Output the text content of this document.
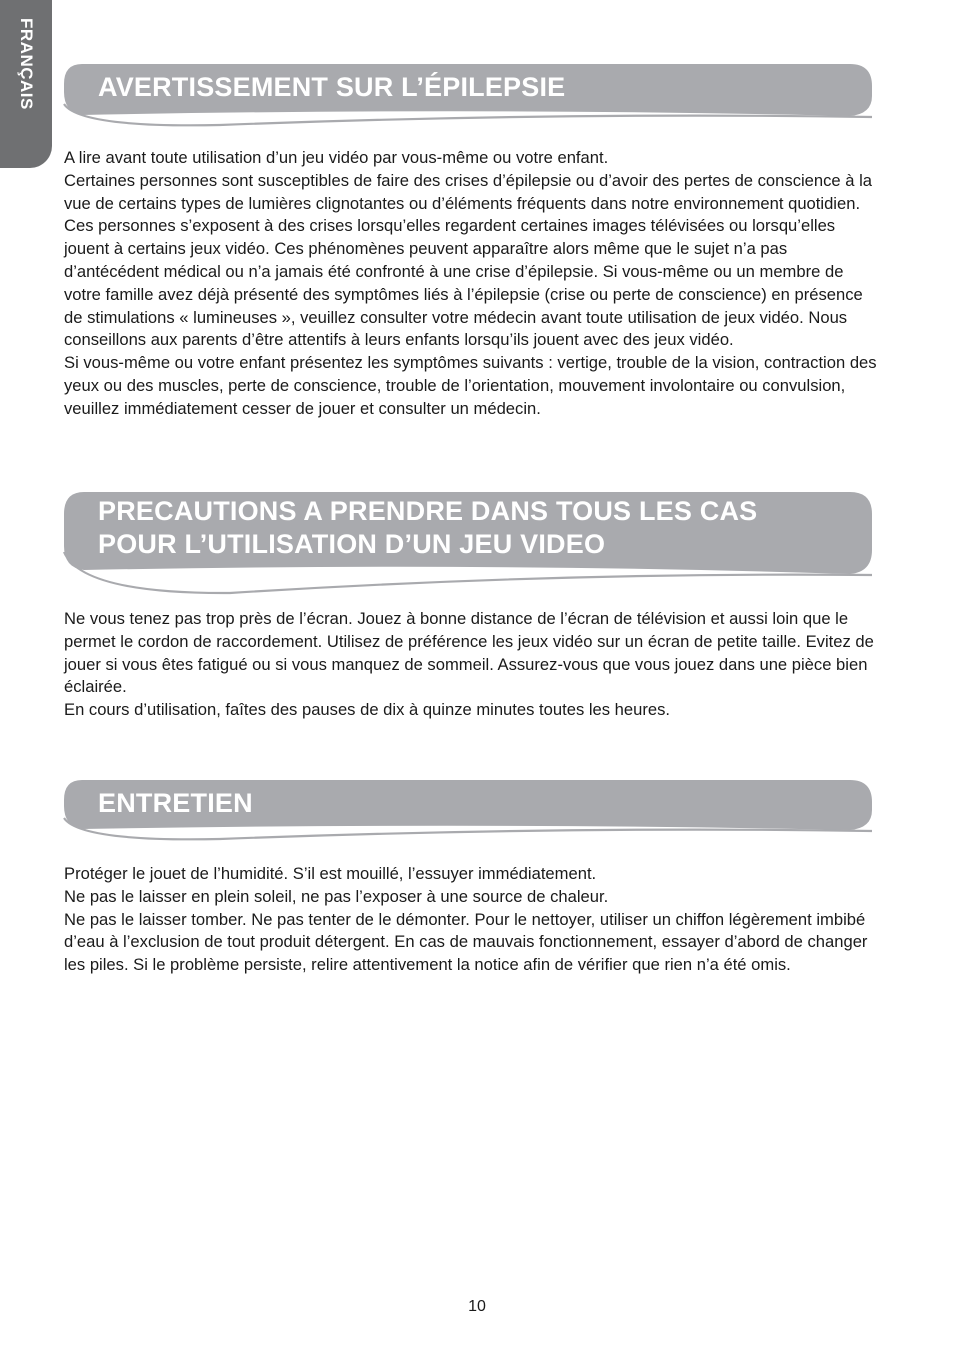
FRANÇAIS AVERTISSEMENT SUR L’ÉPILEPSIE

A lire avant toute utilisation d’un jeu vidéo par vous-même ou votre enfant.

Certaines personnes sont susceptibles de faire des crises d’épilepsie ou d’avoir des pertes de conscience à la vue de certains types de lumières clignotantes ou d’éléments fréquents dans notre environnement quotidien. Ces personnes s’exposent à des crises lorsqu’elles regardent certaines images télévisées ou lorsqu’elles jouent à certains jeux vidéo. Ces phénomènes peuvent apparaître alors même que le sujet n’a pas d’antécédent médical ou n’a jamais été confronté à une crise d’épilepsie. Si vous-même ou un membre de votre famille avez déjà présenté des symptômes liés à l’épilepsie (crise ou perte de conscience) en présence de stimulations « lumineuses », veuillez consulter votre médecin avant toute utilisation de jeux vidéo. Nous conseillons aux parents d’être attentifs à leurs enfants lorsqu’ils jouent avec des jeux vidéo.

Si vous-même ou votre enfant présentez les symptômes suivants : vertige, trouble de la vision, contraction des yeux ou des muscles, perte de conscience, trouble de l’orientation, mouvement involontaire ou convulsion, veuillez immédiatement cesser de jouer et consulter un médecin.

PRECAUTIONS A PRENDRE DANS TOUS LES CAS
POUR L’UTILISATION D’UN JEU VIDEO

Ne vous tenez pas trop près de l’écran. Jouez à bonne distance de l’écran de télévision et aussi loin que le permet le cordon de raccordement. Utilisez de préférence les jeux vidéo sur un écran de petite taille. Evitez de jouer si vous êtes fatigué ou si vous manquez de sommeil. Assurez-vous que vous jouez dans une pièce bien éclairée.

En cours d’utilisation, faîtes des pauses de dix à quinze minutes toutes les heures.

ENTRETIEN

Protéger le jouet de l’humidité. S’il est mouillé, l’essuyer immédiatement.

Ne pas le laisser en plein soleil, ne pas l’exposer à une source de chaleur.

Ne pas le laisser tomber. Ne pas tenter de le démonter. Pour le nettoyer, utiliser un chiffon légèrement imbibé d’eau à l’exclusion de tout produit détergent. En cas de mauvais fonctionnement, essayer d’abord de changer les piles. Si le problème persiste, relire attentivement la notice afin de vérifier que rien n’a été omis.

10
